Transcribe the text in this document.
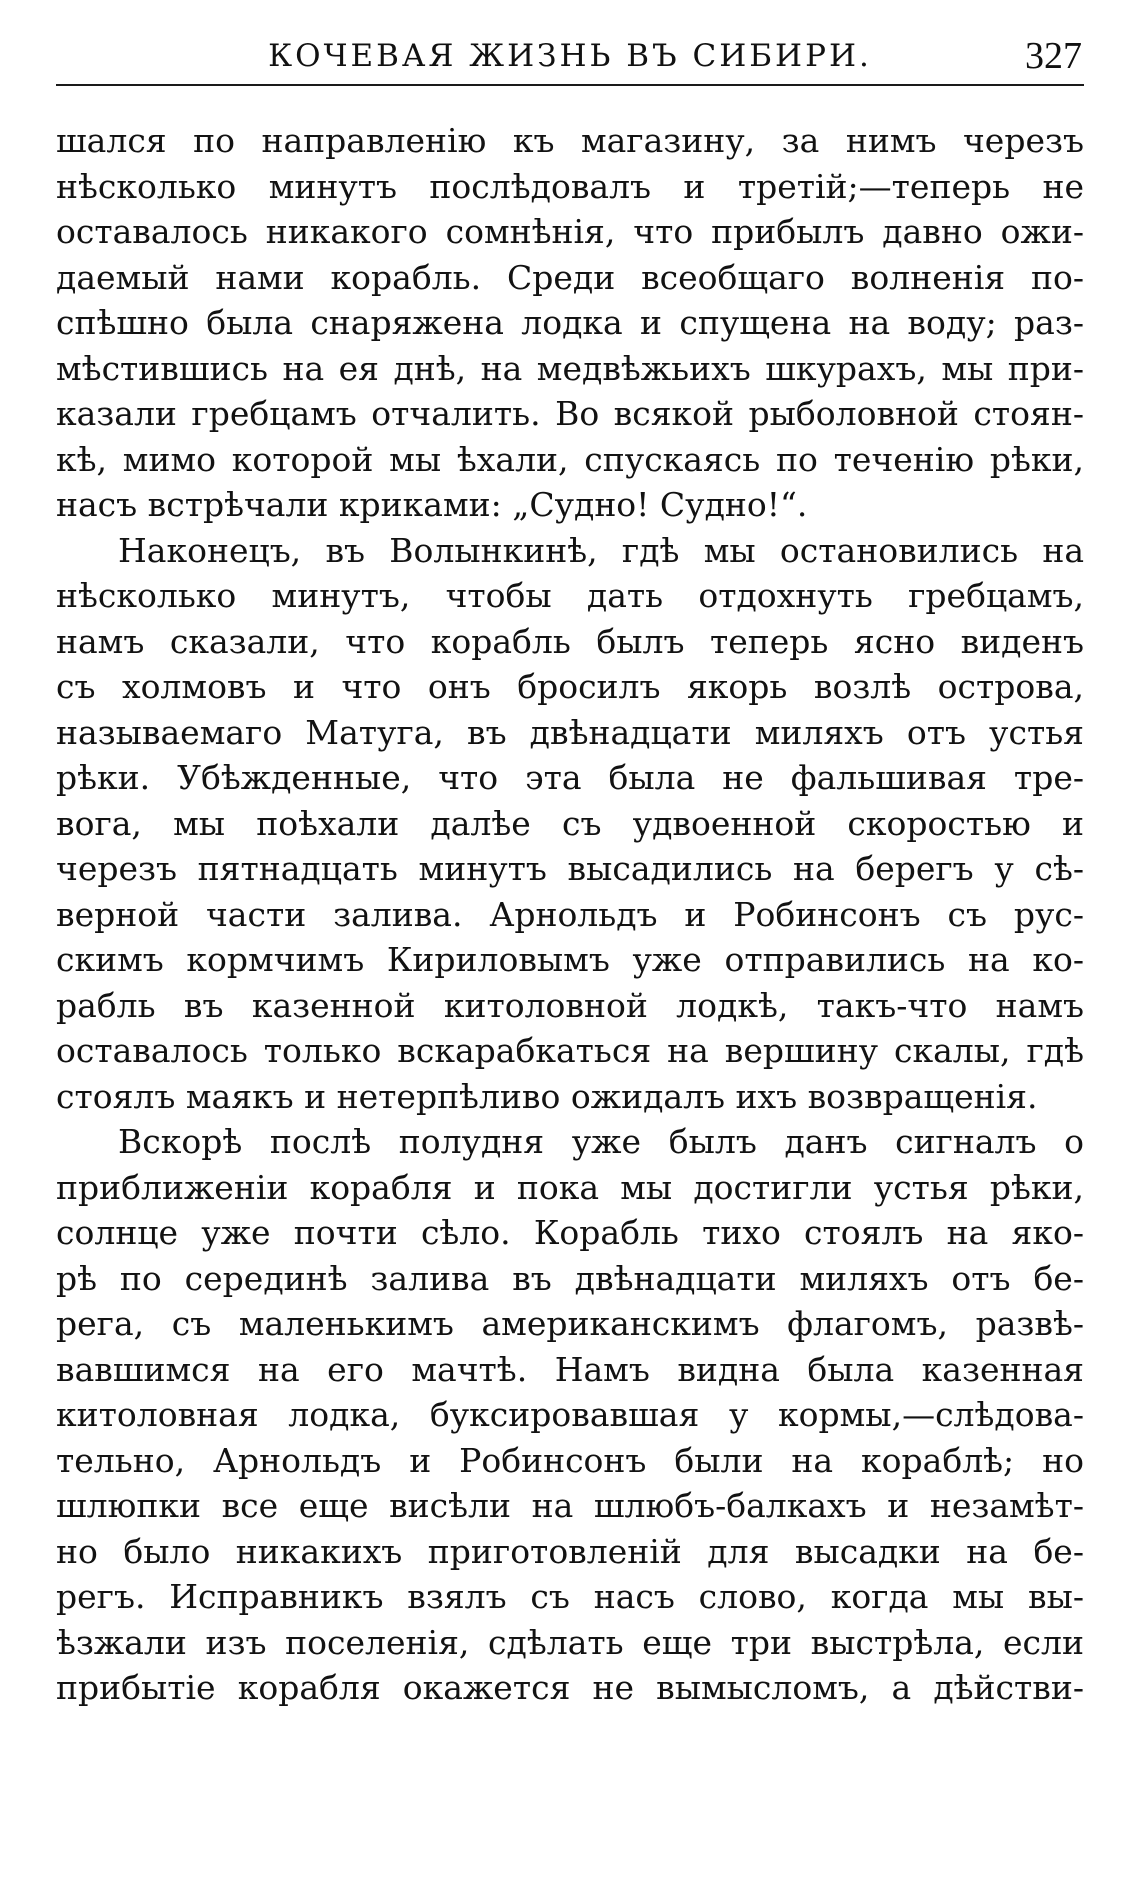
КОЧЕВАЯ ЖИЗНЬ ВЪ СИБИРИ.	327
шался по направленію къ магазину, за нимъ черезъ
нѣсколько минутъ послѣдовалъ и третій;—теперь не
оставалось никакого сомнѣнія, что прибылъ давно ожи-
даемый нами корабль. Среди всеобщаго волненія по-
спѣшно была снаряжена лодка и спущена на воду; раз-
мѣстившись на ея днѣ, на медвѣжьихъ шкурахъ, мы при-
казали гребцамъ отчалить. Во всякой рыболовной стоян-
кѣ, мимо которой мы ѣхали, спускаясь по теченію рѣки,
насъ встрѣчали криками: „Судно! Судно!“.
Наконецъ, въ Волынкинѣ, гдѣ мы остановились на
нѣсколько минутъ, чтобы дать отдохнуть гребцамъ,
намъ сказали, что корабль былъ теперь ясно виденъ
съ холмовъ и что онъ бросилъ якорь возлѣ острова,
называемаго Матуга, въ двѣнадцати миляхъ отъ устья
рѣки. Убѣжденные, что эта была не фальшивая тре-
вога, мы поѣхали далѣе съ удвоенной скоростью и
черезъ пятнадцать минутъ высадились на берегъ у сѣ-
верной части залива. Арнольдъ и Робинсонъ съ рус-
скимъ кормчимъ Кириловымъ уже отправились на ко-
рабль въ казенной китоловной лодкѣ, такъ-что намъ
оставалось только вскарабкаться на вершину скалы, гдѣ
стоялъ маякъ и нетерпѣливо ожидалъ ихъ возвращенія.
Вскорѣ послѣ полудня уже былъ данъ сигналъ о
приближеніи корабля и пока мы достигли устья рѣки,
солнце уже почти сѣло. Корабль тихо стоялъ на яко-
рѣ по серединѣ залива въ двѣнадцати миляхъ отъ бе-
рега, съ маленькимъ американскимъ флагомъ, развѣ-
вавшимся на его мачтѣ. Намъ видна была казенная
китоловная лодка, буксировавшая у кормы,—слѣдова-
тельно, Арнольдъ и Робинсонъ были на кораблѣ; но
шлюпки все еще висѣли на шлюбъ-балкахъ и незамѣт-
но было никакихъ приготовленій для высадки на бе-
регъ. Исправникъ взялъ съ насъ слово, когда мы вы-
ѣзжали изъ поселенія, сдѣлать еще три выстрѣла, если
прибытіе корабля окажется не вымысломъ, а дѣйстви-
